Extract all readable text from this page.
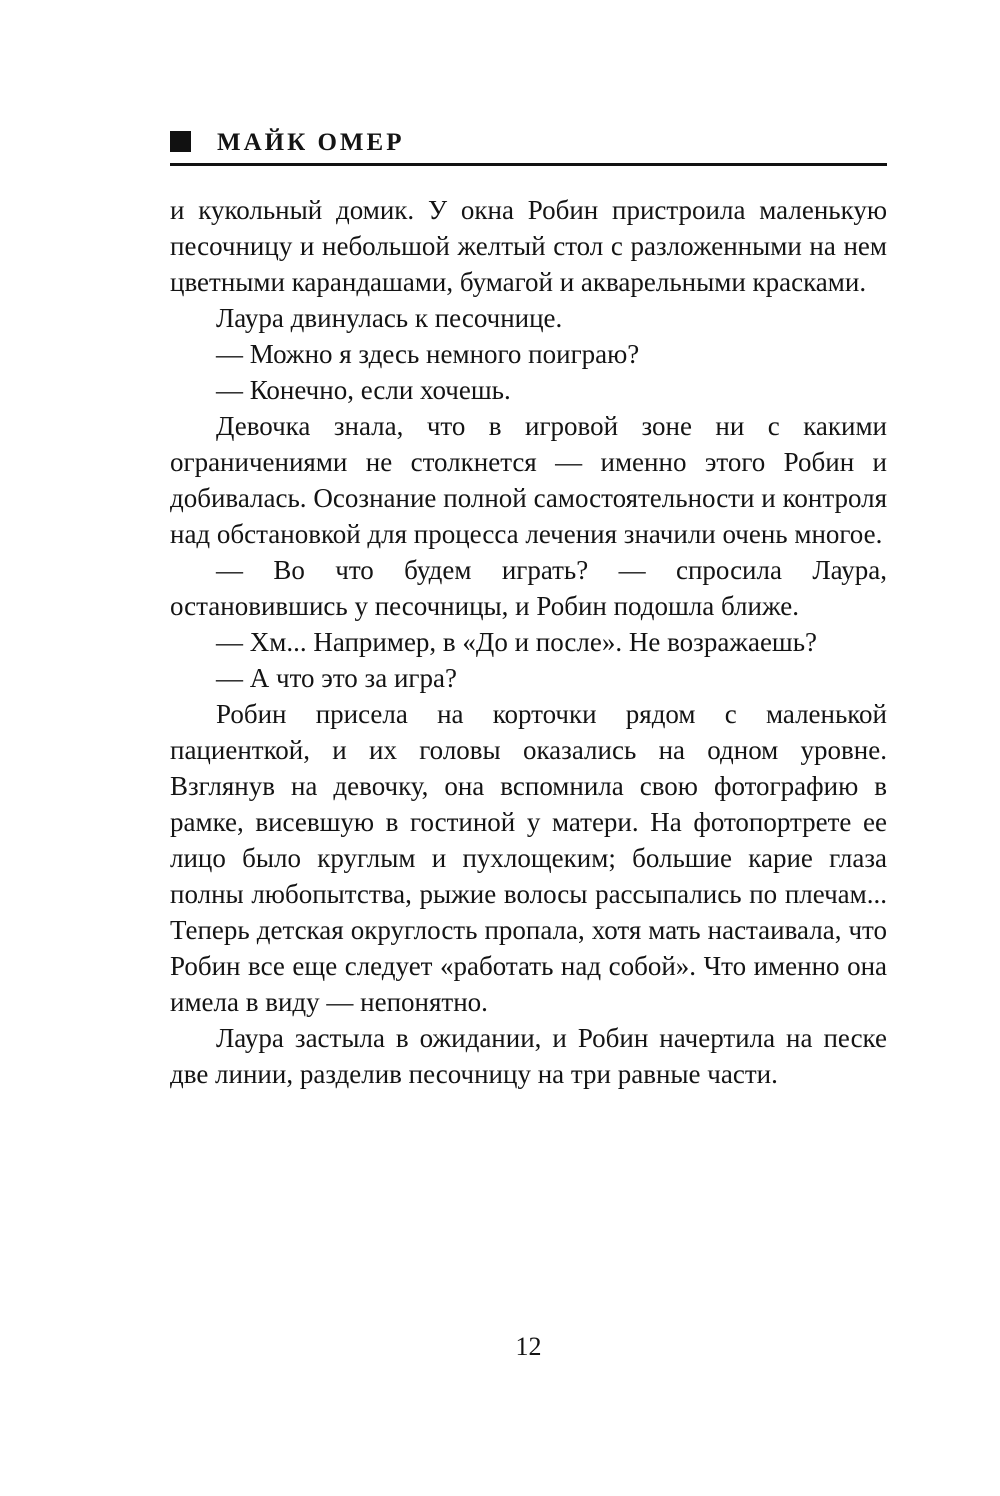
МАЙК ОМЕР

и кукольный домик. У окна Робин пристроила маленькую песочницу и небольшой желтый стол с разложенными на нем цветными карандашами, бумагой и акварельными красками.

Лаура двинулась к песочнице.

— Можно я здесь немного поиграю?

— Конечно, если хочешь.

Девочка знала, что в игровой зоне ни с какими ограничениями не столкнется — именно этого Робин и добивалась. Осознание полной самостоятельности и контроля над обстановкой для процесса лечения значили очень многое.

— Во что будем играть? — спросила Лаура, остановившись у песочницы, и Робин подошла ближе.

— Хм... Например, в «До и после». Не возражаешь?

— А что это за игра?

Робин присела на корточки рядом с маленькой пациенткой, и их головы оказались на одном уровне. Взглянув на девочку, она вспомнила свою фотографию в рамке, висевшую в гостиной у матери. На фотопортрете ее лицо было круглым и пухлощеким; большие карие глаза полны любопытства, рыжие волосы рассыпались по плечам... Теперь детская округлость пропала, хотя мать настаивала, что Робин все еще следует «работать над собой». Что именно она имела в виду — непонятно.

Лаура застыла в ожидании, и Робин начертила на песке две линии, разделив песочницу на три равные части.

12
